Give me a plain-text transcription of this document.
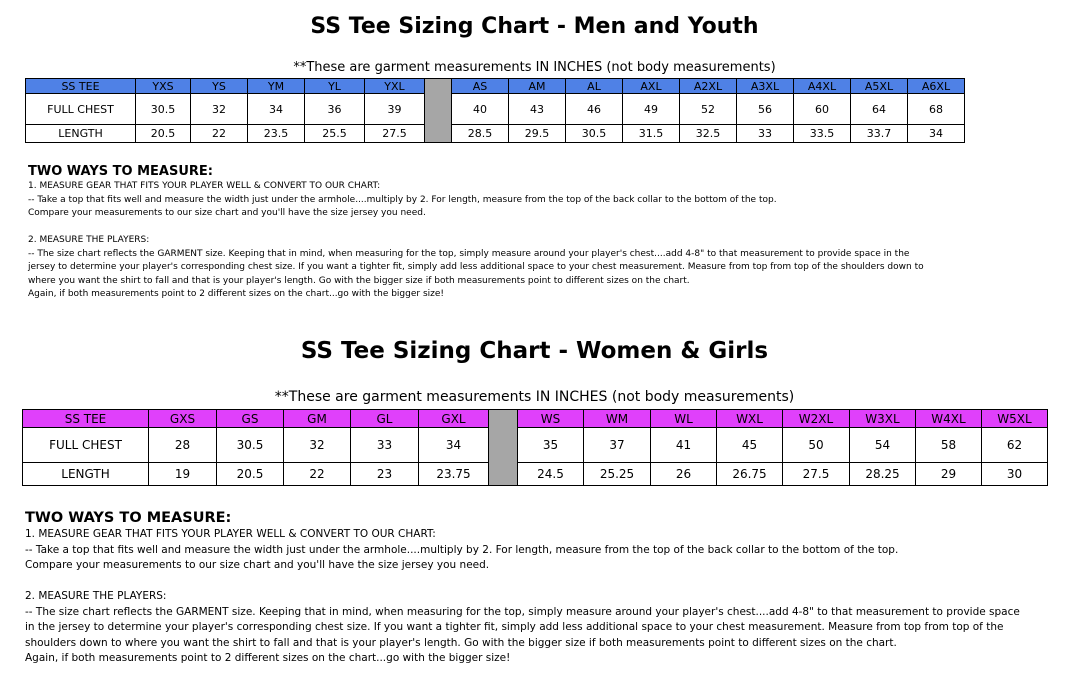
SS Tee Sizing Chart - Men and Youth
**These are garment measurements IN INCHES (not body measurements)
SS TEE	YXS	YS	YM	YL	YXL		AS	AM	AL	AXL	A2XL	A3XL	A4XL	A5XL	A6XL
FULL CHEST	30.5	32	34	36	39		40	43	46	49	52	56	60	64	68
LENGTH	20.5	22	23.5	25.5	27.5		28.5	29.5	30.5	31.5	32.5	33	33.5	33.7	34
TWO WAYS TO MEASURE:
1. MEASURE GEAR THAT FITS YOUR PLAYER WELL & CONVERT TO OUR CHART:
-- Take a top that fits well and measure the width just under the armhole....multiply by 2. For length, measure from the top of the back collar to the bottom of the top.
Compare your measurements to our size chart and you'll have the size jersey you need.
2. MEASURE THE PLAYERS:
-- The size chart reflects the GARMENT size. Keeping that in mind, when measuring for the top, simply measure around your player's chest....add 4-8" to that measurement to provide space in the
jersey to determine your player's corresponding chest size. If you want a tighter fit, simply add less additional space to your chest measurement. Measure from top from top of the shoulders down to
where you want the shirt to fall and that is your player's length. Go with the bigger size if both measurements point to different sizes on the chart.
Again, if both measurements point to 2 different sizes on the chart...go with the bigger size!
SS Tee Sizing Chart - Women & Girls
**These are garment measurements IN INCHES (not body measurements)
SS TEE	GXS	GS	GM	GL	GXL		WS	WM	WL	WXL	W2XL	W3XL	W4XL	W5XL
FULL CHEST	28	30.5	32	33	34		35	37	41	45	50	54	58	62
LENGTH	19	20.5	22	23	23.75		24.5	25.25	26	26.75	27.5	28.25	29	30
TWO WAYS TO MEASURE:
1. MEASURE GEAR THAT FITS YOUR PLAYER WELL & CONVERT TO OUR CHART:
-- Take a top that fits well and measure the width just under the armhole....multiply by 2. For length, measure from the top of the back collar to the bottom of the top.
Compare your measurements to our size chart and you'll have the size jersey you need.
2. MEASURE THE PLAYERS:
-- The size chart reflects the GARMENT size. Keeping that in mind, when measuring for the top, simply measure around your player's chest....add 4-8" to that measurement to provide space
in the jersey to determine your player's corresponding chest size. If you want a tighter fit, simply add less additional space to your chest measurement. Measure from top from top of the
shoulders down to where you want the shirt to fall and that is your player's length. Go with the bigger size if both measurements point to different sizes on the chart.
Again, if both measurements point to 2 different sizes on the chart...go with the bigger size!
